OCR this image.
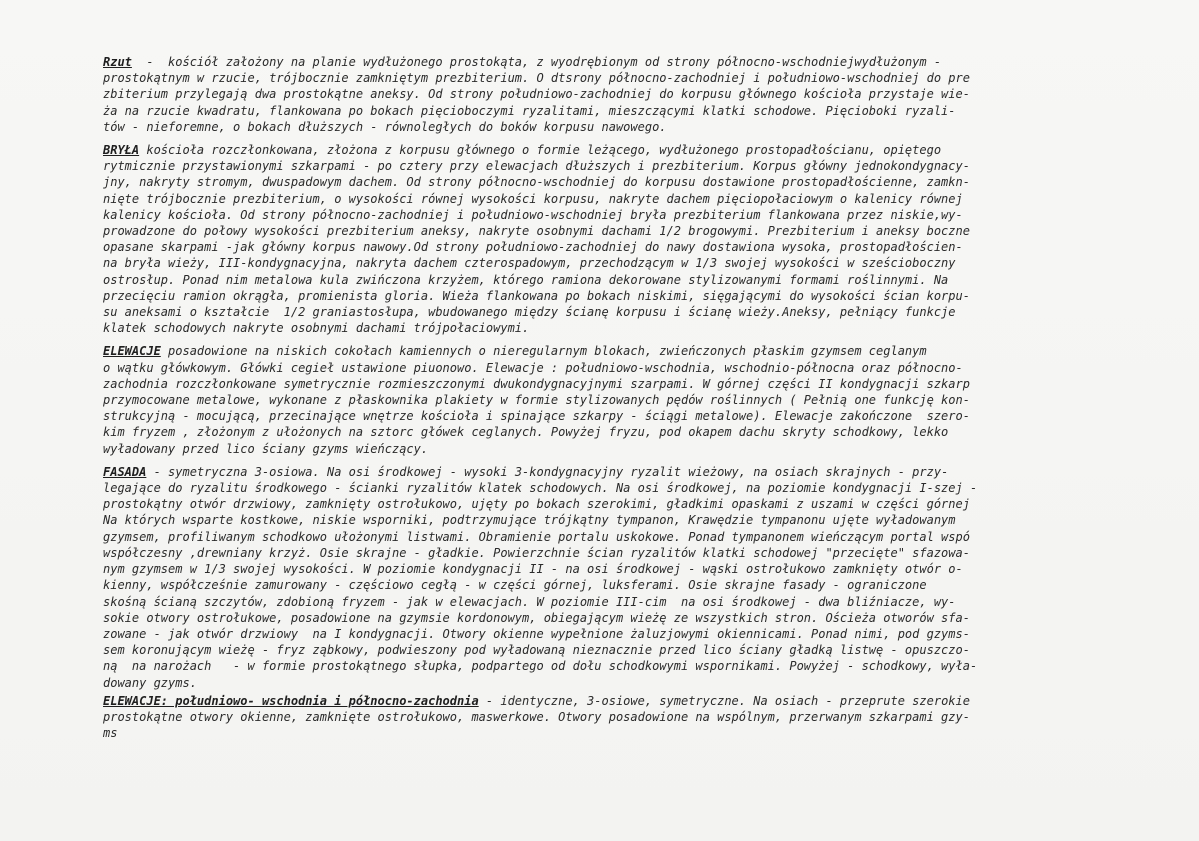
Rzut  -  kościół założony na planie wydłużonego prostokąta, z wyodrębionym od strony północno-wschodniejwydłużonym -
prostokątnym w rzucie, trójbocznie zamkniętym prezbiterium. O dtsrony północno-zachodniej i południowo-wschodniej do pre
zbiterium przylegają dwa prostokątne aneksy. Od strony południowo-zachodniej do korpusu głównego kościoła przystaje wie-
ża na rzucie kwadratu, flankowana po bokach pięcioboczymi ryzalitami, mieszczącymi klatki schodowe. Pięcioboki ryzali-
tów - nieforemne, o bokach dłuższych - równoległych do boków korpusu nawowego.
BRYŁA kościoła rozczłonkowana, złożona z korpusu głównego o formie leżącego, wydłużonego prostopadłościanu, opiętego
rytmicznie przystawionymi szkarpami - po cztery przy elewacjach dłuższych i prezbiterium. Korpus główny jednokondygnacy-
jny, nakryty stromym, dwuspadowym dachem. Od strony północno-wschodniej do korpusu dostawione prostopadłościenne, zamkn-
nięte trójbocznie prezbiterium, o wysokości równej wysokości korpusu, nakryte dachem pięciopołaciowym o kalenicy równej
kalenicy kościoła. Od strony północno-zachodniej i południowo-wschodniej bryła prezbiterium flankowana przez niskie,wy-
prowadzone do połowy wysokości prezbiterium aneksy, nakryte osobnymi dachami 1/2 brogowymi. Prezbiterium i aneksy boczne
opasane skarpami -jak główny korpus nawowy.Od strony południowo-zachodniej do nawy dostawiona wysoka, prostopadłościen-
na bryła wieży, III-kondygnacyjna, nakryta dachem czterospadowym, przechodzącym w 1/3 swojej wysokości w sześcioboczny
ostrosłup. Ponad nim metalowa kula zwińczona krzyżem, którego ramiona dekorowane stylizowanymi formami roślinnymi. Na
przecięciu ramion okrągła, promienista gloria. Wieża flankowana po bokach niskimi, sięgającymi do wysokości ścian korpu-
su aneksami o kształcie  1/2 graniastosłupa, wbudowanego między ścianę korpusu i ścianę wieży.Aneksy, pełniący funkcje
klatek schodowych nakryte osobnymi dachami trójpołaciowymi.
ELEWACJE posadowione na niskich cokołach kamiennych o nieregularnym blokach, zwieńczonych płaskim gzymsem ceglanym
o wątku główkowym. Główki cegieł ustawione piuonowo. Elewacje : południowo-wschodnia, wschodnio-północna oraz północno-
zachodnia rozczłonkowane symetrycznie rozmieszczonymi dwukondygnacyjnymi szarpami. W górnej części II kondygnacji szkarp
przymocowane metalowe, wykonane z płaskownika plakiety w formie stylizowanych pędów roślinnych ( Pełnią one funkcję kon-
strukcyjną - mocującą, przecinające wnętrze kościoła i spinające szkarpy - ściągi metalowe). Elewacje zakończone  szero-
kim fryzem , złożonym z ułożonych na sztorc główek ceglanych. Powyżej fryzu, pod okapem dachu skryty schodkowy, lekko
wyładowany przed lico ściany gzyms wieńczący.
FASADA - symetryczna 3-osiowa. Na osi środkowej - wysoki 3-kondygnacyjny ryzalit wieżowy, na osiach skrajnych - przy-
legające do ryzalitu środkowego - ścianki ryzalitów klatek schodowych. Na osi środkowej, na poziomie kondygnacji I-szej -
prostokątny otwór drzwiowy, zamknięty ostrołukowo, ujęty po bokach szerokimi, gładkimi opaskami z uszami w części górnej
Na których wsparte kostkowe, niskie wsporniki, podtrzymujące trójkątny tympanon, Krawędzie tympanonu ujęte wyładowanym
gzymsem, profiliwanym schodkowo ułożonymi listwami. Obramienie portalu uskokowe. Ponad tympanonem wieńczącym portal wspó
współczesny ,drewniany krzyż. Osie skrajne - gładkie. Powierzchnie ścian ryzalitów klatki schodowej "przecięte" sfazowa-
nym gzymsem w 1/3 swojej wysokości. W poziomie kondygnacji II - na osi środkowej - wąski ostrołukowo zamknięty otwór o-
kienny, współcześnie zamurowany - częściowo cegłą - w części górnej, luksferami. Osie skrajne fasady - ograniczone
skośną ścianą szczytów, zdobioną fryzem - jak w elewacjach. W poziomie III-cim  na osi środkowej - dwa bliźniacze, wy-
sokie otwory ostrołukowe, posadowione na gzymsie kordonowym, obiegającym wieżę ze wszystkich stron. Ościeża otworów sfa-
zowane - jak otwór drzwiowy  na I kondygnacji. Otwory okienne wypełnione żaluzjowymi okiennicami. Ponad nimi, pod gzyms-
sem koronującym wieżę - fryz ząbkowy, podwieszony pod wyładowaną nieznacznie przed lico ściany gładką listwę - opuszczo-
ną  na narożach   - w formie prostokątnego słupka, podpartego od dołu schodkowymi wspornikami. Powyżej - schodkowy, wyła-
dowany gzyms.
ELEWACJE: południowo- wschodnia i północno-zachodnia - identyczne, 3-osiowe, symetryczne. Na osiach - przeprute szerokie
prostokątne otwory okienne, zamknięte ostrołukowo, maswerkowe. Otwory posadowione na wspólnym, przerwanym szkarpami gzy-
ms
